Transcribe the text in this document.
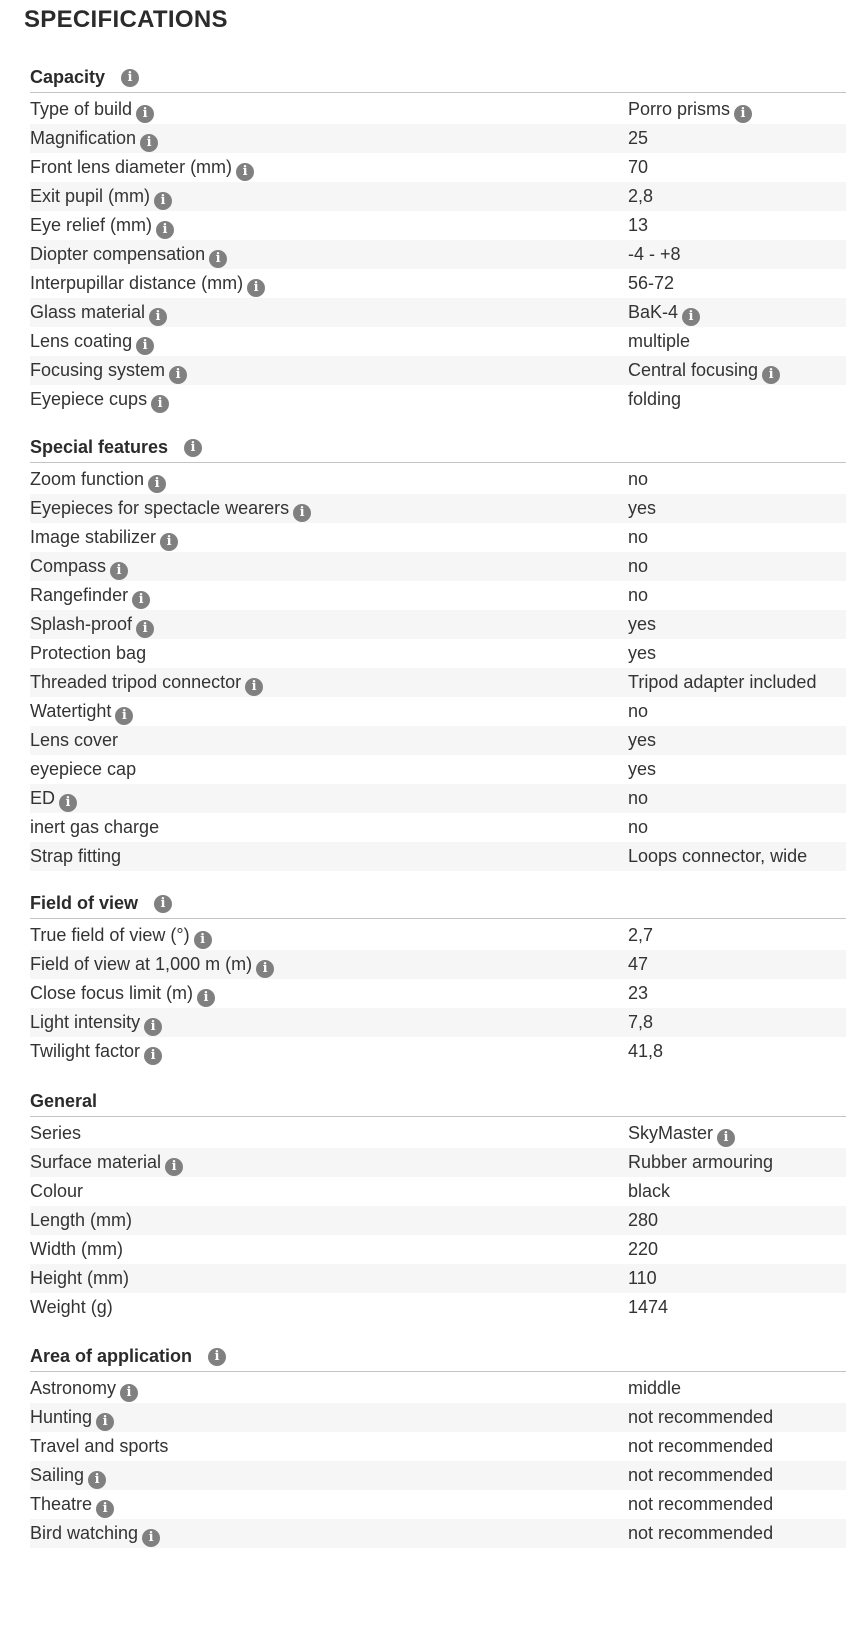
SPECIFICATIONS
Capacity
i
Type of build i	Porro prismsi
Magnification i	25
Front lens diameter (mm) i	70
Exit pupil (mm) i	2,8
Eye relief (mm) i	13
Diopter compensation i	-4 - +8
Interpupillar distance (mm) i	56-72
Glass material i	BaK-4i
Lens coating i	multiple
Focusing system i	Central focusingi
Eyepiece cups i	folding
Special features
i
Zoom function i	no
Eyepieces for spectacle wearers i	yes
Image stabilizer i	no
Compass i	no
Rangefinder i	no
Splash-proof i	yes
Protection bag	yes
Threaded tripod connector i	Tripod adapter included
Watertight i	no
Lens cover	yes
eyepiece cap	yes
ED i	no
inert gas charge	no
Strap fitting	Loops connector, wide
Field of view
i
True field of view (°) i	2,7
Field of view at 1,000 m (m) i	47
Close focus limit (m) i	23
Light intensity i	7,8
Twilight factor i	41,8
General
Series	SkyMasteri
Surface material i	Rubber armouring
Colour	black
Length (mm)	280
Width (mm)	220
Height (mm)	110
Weight (g)	1474
Area of application
i
Astronomy i	middle
Hunting i	not recommended
Travel and sports	not recommended
Sailing i	not recommended
Theatre i	not recommended
Bird watching i	not recommended
